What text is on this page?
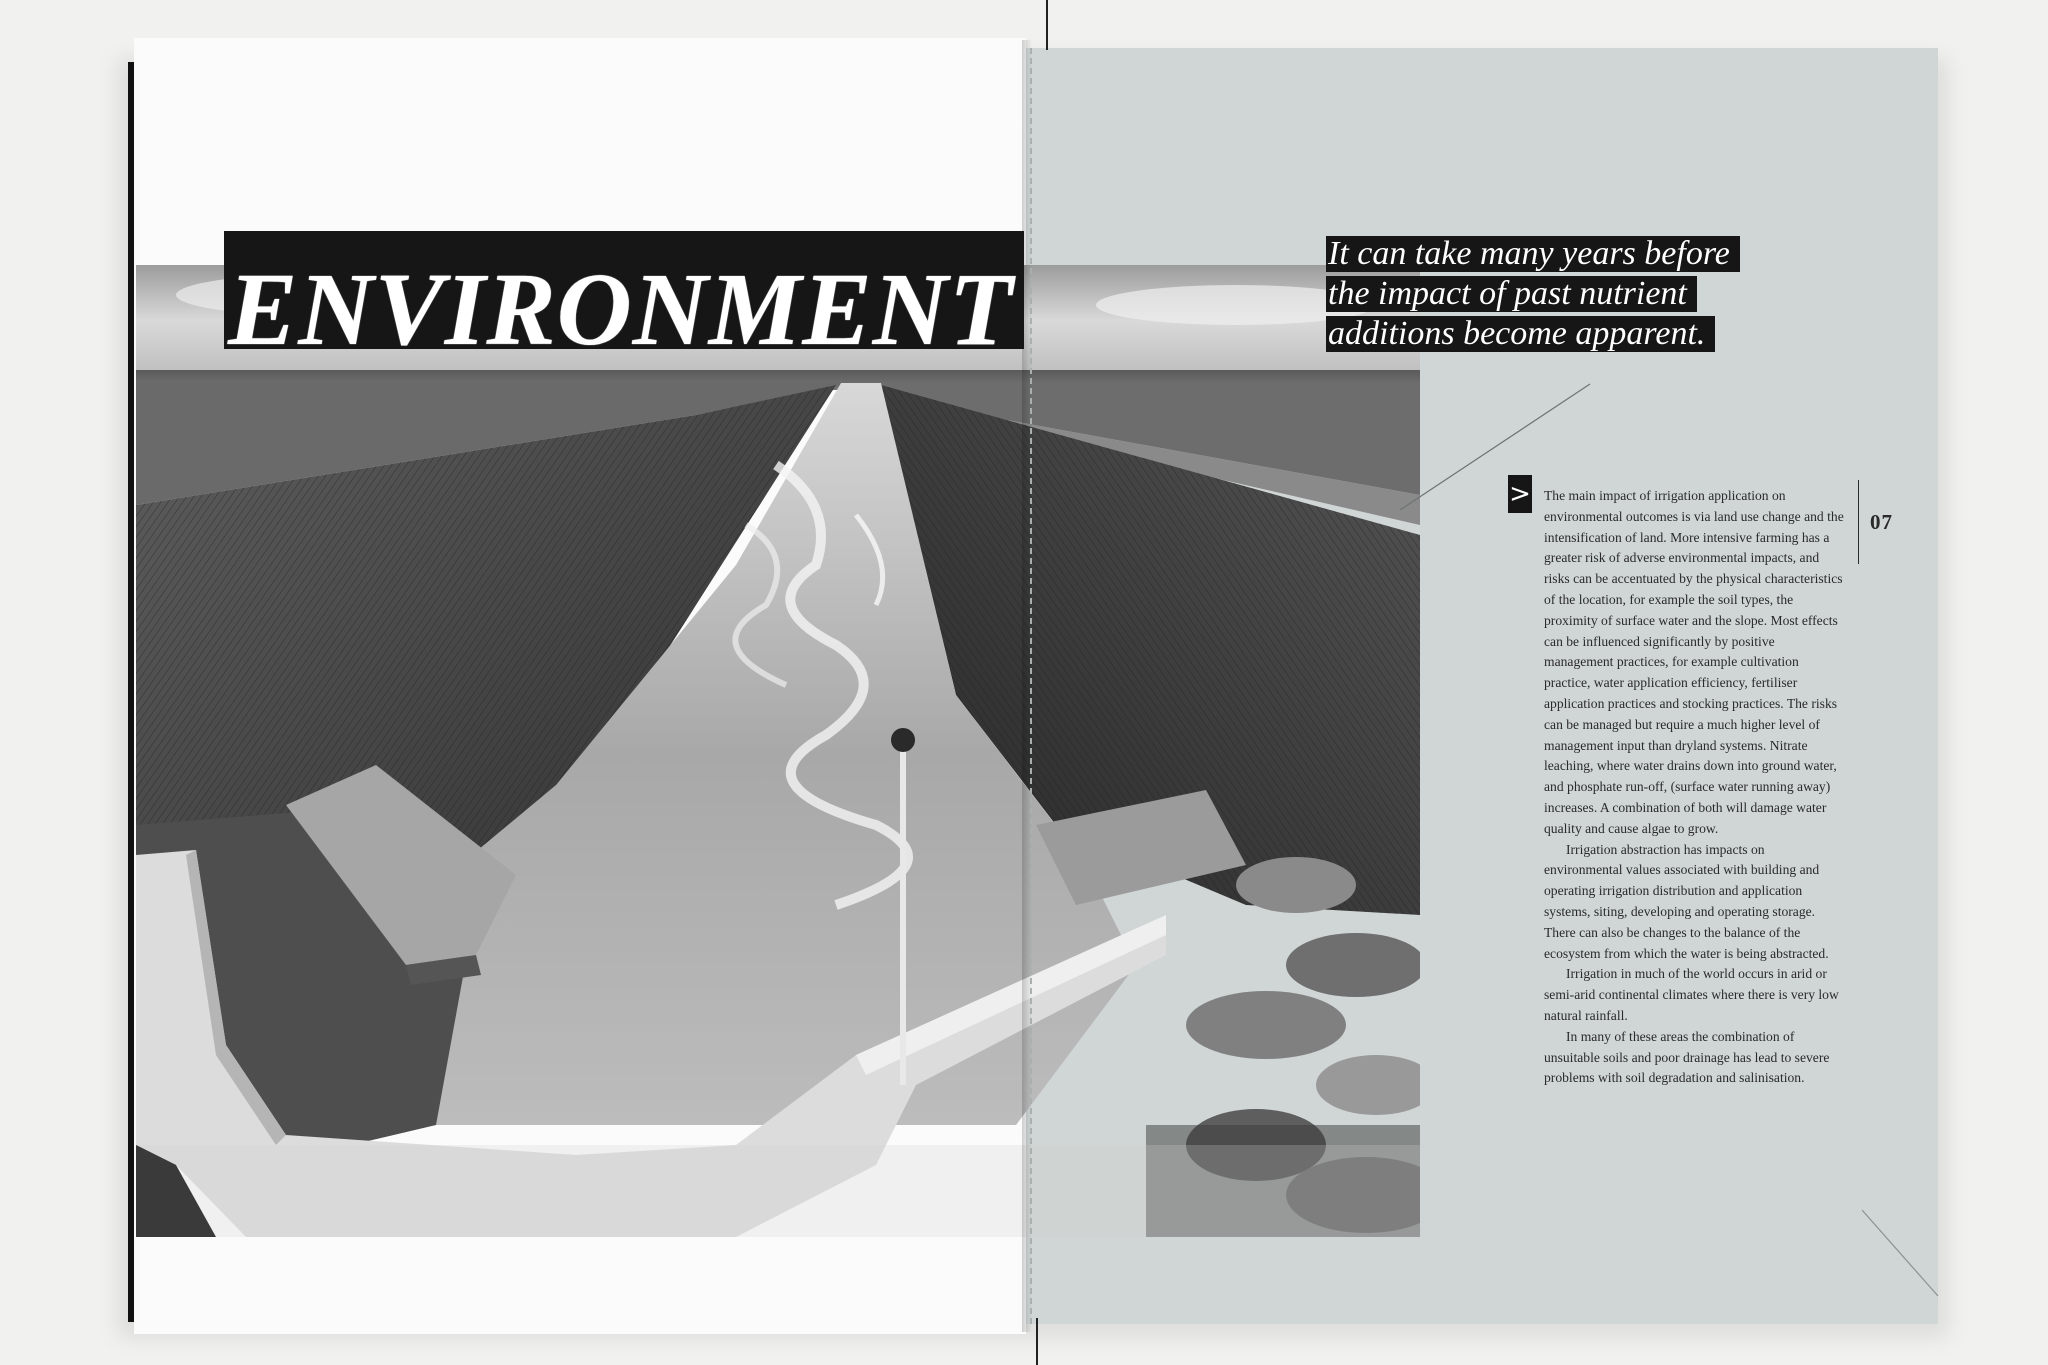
ENVIRONMENT	It can take many years before
the impact of past nutrient
additions become apparent.
> The main impact of irrigation application on environmental outcomes is via land use change and the intensification of land. More intensive farming has a greater risk of adverse environmental impacts, and risks can be accentuated by the physical characteristics of the location, for example the soil types, the proximity of surface water and the slope. Most effects can be influenced significantly by positive management practices, for example cultivation practice, water application efficiency, fertiliser application practices and stocking practices. The risks can be managed but require a much higher level of management input than dryland systems. Nitrate leaching, where water drains down into ground water, and phosphate run-off, (surface water running away) increases. A combination of both will damage water quality and cause algae to grow.

Irrigation abstraction has impacts on environmental values associated with building and operating irrigation distribution and application systems, siting, developing and operating storage. There can also be changes to the balance of the ecosystem from which the water is being abstracted.

Irrigation in much of the world occurs in arid or semi-arid continental climates where there is very low natural rainfall.

In many of these areas the combination of unsuitable soils and poor drainage has lead to severe problems with soil degradation and salinisation.

07
